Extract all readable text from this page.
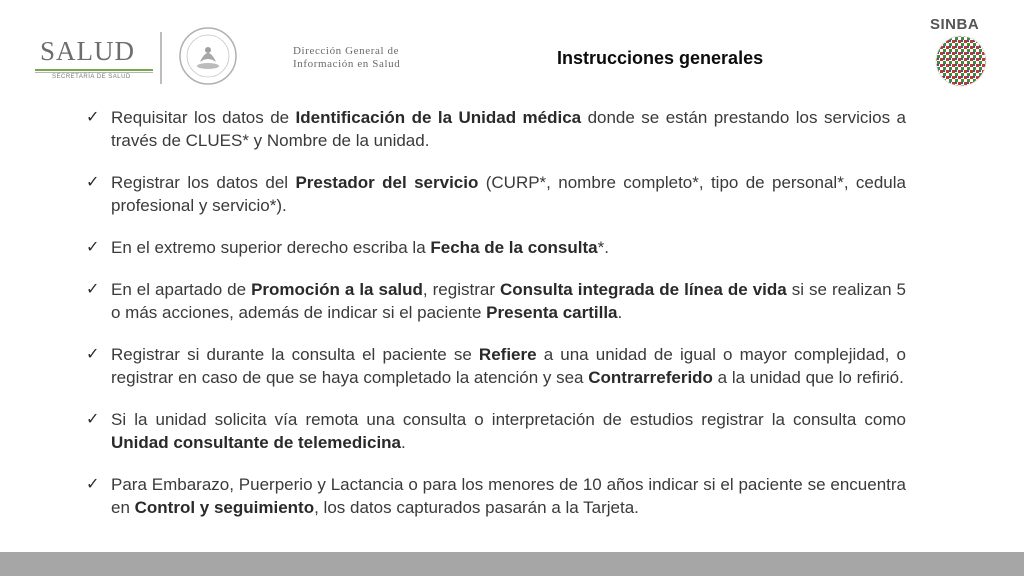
SALUD
SECRETARÍA DE SALUD
Dirección General de
Información en Salud	Instrucciones generales
SINBA
✓ Requisitar los datos de Identificación de la Unidad médica donde se están prestando los servicios a través de CLUES* y Nombre de la unidad.
✓ Registrar los datos del Prestador del servicio (CURP*, nombre completo*, tipo de personal*, cedula profesional y servicio*).
✓ En el extremo superior derecho escriba la Fecha de la consulta*.
✓ En el apartado de Promoción a la salud, registrar Consulta integrada de línea de vida si se realizan 5 o más acciones, además de indicar si el paciente Presenta cartilla.
✓ Registrar si durante la consulta el paciente se Refiere a una unidad de igual o mayor complejidad, o registrar en caso de que se haya completado la atención y sea Contrarreferido a la unidad que lo refirió.
✓ Si la unidad solicita vía remota una consulta o interpretación de estudios registrar la consulta como Unidad consultante de telemedicina.
✓ Para Embarazo, Puerperio y Lactancia o para los menores de 10 años indicar si el paciente se encuentra en Control y seguimiento, los datos capturados pasarán a la Tarjeta.
